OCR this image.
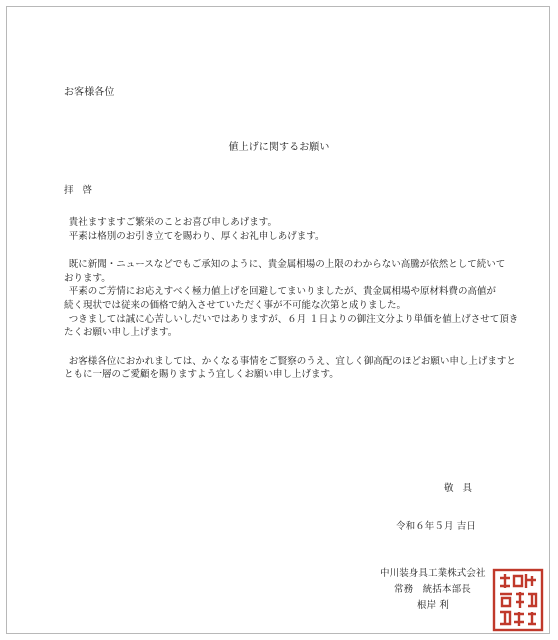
お客様各位
値上げに関するお願い
拝啓
貴社ますますご繁栄のことお喜び申しあげます。
平素は格別のお引き立てを賜わり、厚くお礼申しあげます。
既に新聞・ニュースなどでもご承知のように、貴金属相場の上限のわからない高騰が依然として続いて
おります。
平素のご芳情にお応えすべく極力値上げを回避してまいりましたが、貴金属相場や原材料費の高値が
続く現状では従来の価格で納入させていただく事が不可能な次第と成りました。
つきましては誠に心苦しいしだいではありますが、６月 １日よりの御注文分より単価を値上げさせて頂き
たくお願い申し上げます。
お客様各位におかれましては、かくなる事情をご賢察のうえ、宜しく御高配のほどお願い申し上げますと
ともに一層のご愛顧を賜りますよう宜しくお願い申し上げます。
敬具
令和６年５月 吉日
中川装身具工業株式会社
常務　統括本部長
根岸 利
